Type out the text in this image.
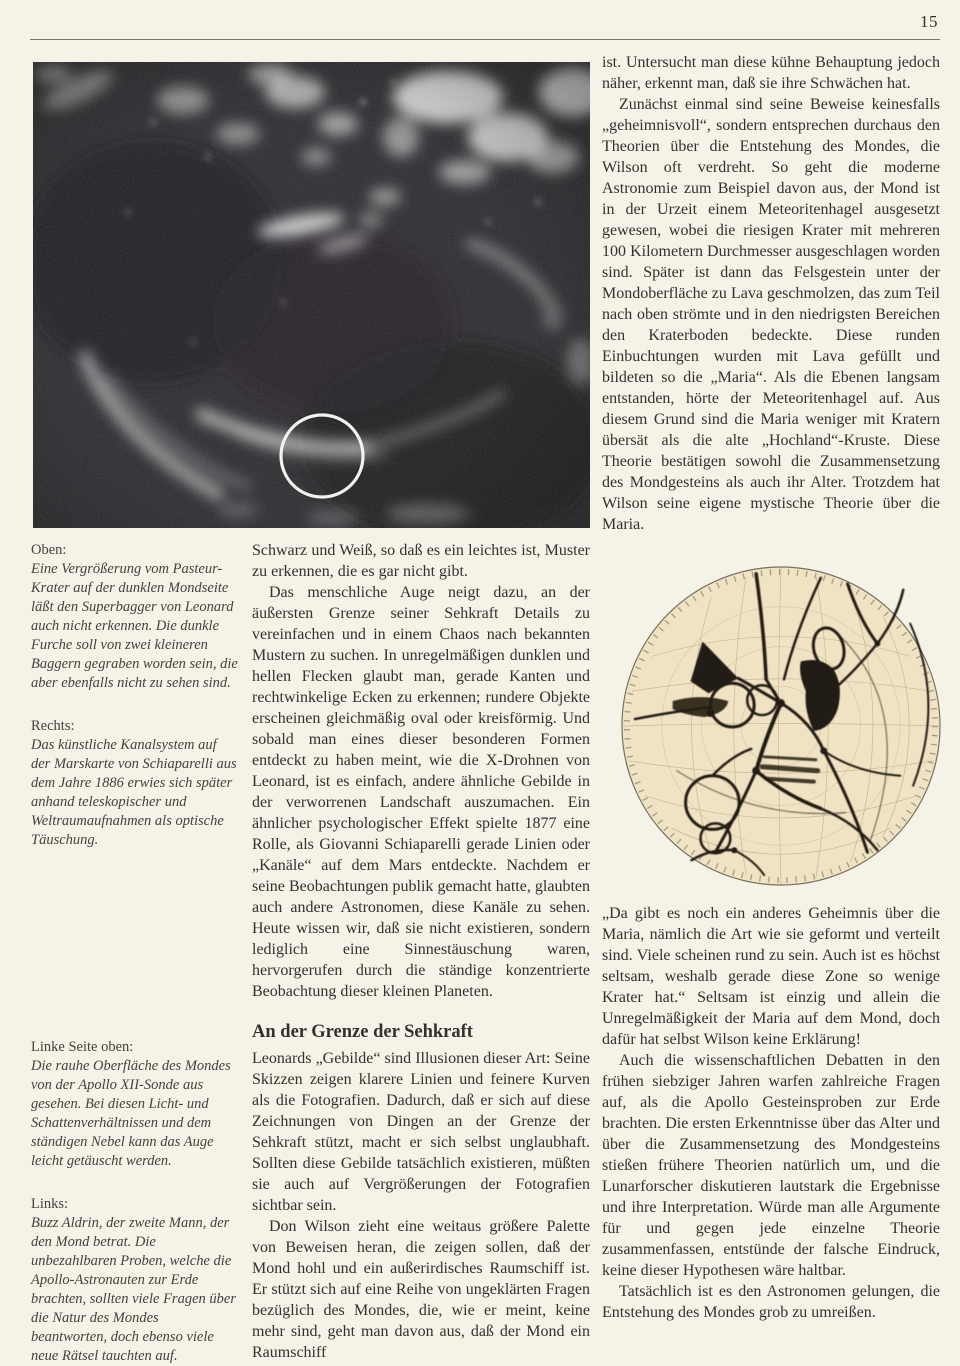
15
Oben:
Eine Vergrößerung vom Pasteur-Krater auf der dunklen Mondseite läßt den Superbagger von Leonard auch nicht erkennen. Die dunkle Furche soll von zwei kleineren Baggern gegraben worden sein, die aber ebenfalls nicht zu sehen sind.
Rechts:
Das künstliche Kanalsystem auf der Marskarte von Schiaparelli aus dem Jahre 1886 erwies sich später anhand teleskopischer und Weltraumaufnahmen als optische Täuschung.
Linke Seite oben:
Die rauhe Oberfläche des Mondes von der Apollo XII-Sonde aus gesehen. Bei diesen Licht- und Schattenverhältnissen und dem ständigen Nebel kann das Auge leicht getäuscht werden.
Links:
Buzz Aldrin, der zweite Mann, der den Mond betrat. Die unbezahlbaren Proben, welche die Apollo-Astronauten zur Erde brachten, sollten viele Fragen über die Natur des Mondes beantworten, doch ebenso viele neue Rätsel tauchten auf.

Schwarz und Weiß, so daß es ein leichtes ist, Muster zu erkennen, die es gar nicht gibt.

Das menschliche Auge neigt dazu, an der äußersten Grenze seiner Sehkraft Details zu vereinfachen und in einem Chaos nach bekannten Mustern zu suchen. In unregelmäßigen dunklen und hellen Flecken glaubt man, gerade Kanten und rechtwinkelige Ecken zu erkennen; rundere Objekte erscheinen gleichmäßig oval oder kreisförmig. Und sobald man eines dieser besonderen Formen entdeckt zu haben meint, wie die X-Drohnen von Leonard, ist es einfach, andere ähnliche Gebilde in der verworrenen Landschaft auszumachen. Ein ähnlicher psychologischer Effekt spielte 1877 eine Rolle, als Giovanni Schiaparelli gerade Linien oder „Kanäle“ auf dem Mars entdeckte. Nachdem er seine Beobachtungen publik gemacht hatte, glaubten auch andere Astronomen, diese Kanäle zu sehen. Heute wissen wir, daß sie nicht existieren, sondern lediglich eine Sinnestäuschung waren, hervorgerufen durch die ständige konzentrierte Beobachtung dieser kleinen Planeten.

An der Grenze der Sehkraft

Leonards „Gebilde“ sind Illusionen dieser Art: Seine Skizzen zeigen klarere Linien und feinere Kurven als die Fotografien. Dadurch, daß er sich auf diese Zeichnungen von Dingen an der Grenze der Sehkraft stützt, macht er sich selbst unglaubhaft. Sollten diese Gebilde tatsächlich existieren, müßten sie auch auf Vergrößerungen der Fotografien sichtbar sein.

Don Wilson zieht eine weitaus größere Palette von Beweisen heran, die zeigen sollen, daß der Mond hohl und ein außerirdisches Raumschiff ist. Er stützt sich auf eine Reihe von ungeklärten Fragen bezüglich des Mondes, die, wie er meint, keine mehr sind, geht man davon aus, daß der Mond ein Raumschiff

ist. Untersucht man diese kühne Behauptung jedoch näher, erkennt man, daß sie ihre Schwächen hat.

Zunächst einmal sind seine Beweise keinesfalls „geheimnisvoll“, sondern entsprechen durchaus den Theorien über die Entstehung des Mondes, die Wilson oft verdreht. So geht die moderne Astronomie zum Beispiel davon aus, der Mond ist in der Urzeit einem Meteoritenhagel ausgesetzt gewesen, wobei die riesigen Krater mit mehreren 100 Kilometern Durchmesser ausgeschlagen worden sind. Später ist dann das Felsgestein unter der Mondoberfläche zu Lava geschmolzen, das zum Teil nach oben strömte und in den niedrigsten Bereichen den Kraterboden bedeckte. Diese runden Einbuchtungen wurden mit Lava gefüllt und bildeten so die „Maria“. Als die Ebenen langsam entstanden, hörte der Meteoritenhagel auf. Aus diesem Grund sind die Maria weniger mit Kratern übersät als die alte „Hochland“-Kruste. Diese Theorie bestätigen sowohl die Zusammensetzung des Mondgesteins als auch ihr Alter. Trotzdem hat Wilson seine eigene mystische Theorie über die Maria.

„Da gibt es noch ein anderes Geheimnis über die Maria, nämlich die Art wie sie geformt und verteilt sind. Viele scheinen rund zu sein. Auch ist es höchst seltsam, weshalb gerade diese Zone so wenige Krater hat.“ Seltsam ist einzig und allein die Unregelmäßigkeit der Maria auf dem Mond, doch dafür hat selbst Wilson keine Erklärung!

Auch die wissenschaftlichen Debatten in den frühen siebziger Jahren warfen zahlreiche Fragen auf, als die Apollo Gesteinsproben zur Erde brachten. Die ersten Erkenntnisse über das Alter und über die Zusammensetzung des Mondgesteins stießen frühere Theorien natürlich um, und die Lunarforscher diskutieren lautstark die Ergebnisse und ihre Interpretation. Würde man alle Argumente für und gegen jede einzelne Theorie zusammenfassen, entstünde der falsche Eindruck, keine dieser Hypothesen wäre haltbar.

Tatsächlich ist es den Astronomen gelungen, die Entstehung des Mondes grob zu umreißen.
